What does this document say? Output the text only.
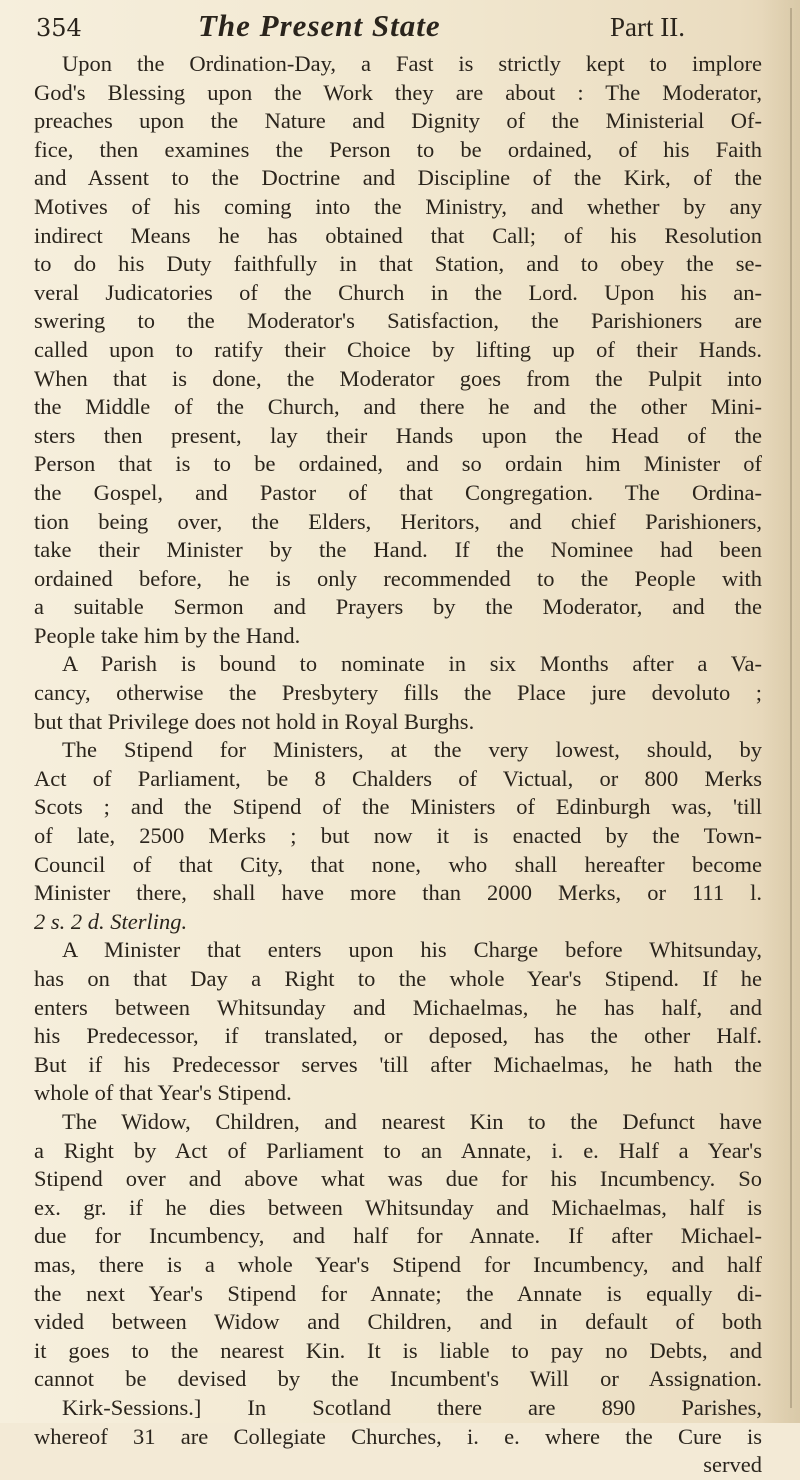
354	The Present State	Part II.
Upon the Ordination-Day, a Fast is strictly kept to implore
God's Blessing upon the Work they are about : The Moderator,
preaches upon the Nature and Dignity of the Ministerial Of-
fice, then examines the Person to be ordained, of his Faith
and Assent to the Doctrine and Discipline of the Kirk, of the
Motives of his coming into the Ministry, and whether by any
indirect Means he has obtained that Call; of his Resolution
to do his Duty faithfully in that Station, and to obey the se-
veral Judicatories of the Church in the Lord. Upon his an-
swering to the Moderator's Satisfaction, the Parishioners are
called upon to ratify their Choice by lifting up of their Hands.
When that is done, the Moderator goes from the Pulpit into
the Middle of the Church, and there he and the other Mini-
sters then present, lay their Hands upon the Head of the
Person that is to be ordained, and so ordain him Minister of
the Gospel, and Pastor of that Congregation. The Ordina-
tion being over, the Elders, Heritors, and chief Parishioners,
take their Minister by the Hand. If the Nominee had been
ordained before, he is only recommended to the People with
a suitable Sermon and Prayers by the Moderator, and the
People take him by the Hand.
A Parish is bound to nominate in six Months after a Va-
cancy, otherwise the Presbytery fills the Place jure devoluto ;
but that Privilege does not hold in Royal Burghs.
The Stipend for Ministers, at the very lowest, should, by
Act of Parliament, be 8 Chalders of Victual, or 800 Merks
Scots ; and the Stipend of the Ministers of Edinburgh was, 'till
of late, 2500 Merks ; but now it is enacted by the Town-
Council of that City, that none, who shall hereafter become
Minister there, shall have more than 2000 Merks, or 111 l.
2 s. 2 d. Sterling.
A Minister that enters upon his Charge before Whitsunday,
has on that Day a Right to the whole Year's Stipend. If he
enters between Whitsunday and Michaelmas, he has half, and
his Predecessor, if translated, or deposed, has the other Half.
But if his Predecessor serves 'till after Michaelmas, he hath the
whole of that Year's Stipend.
The Widow, Children, and nearest Kin to the Defunct have
a Right by Act of Parliament to an Annate, i. e. Half a Year's
Stipend over and above what was due for his Incumbency. So
ex. gr. if he dies between Whitsunday and Michaelmas, half is
due for Incumbency, and half for Annate. If after Michael-
mas, there is a whole Year's Stipend for Incumbency, and half
the next Year's Stipend for Annate; the Annate is equally di-
vided between Widow and Children, and in default of both
it goes to the nearest Kin. It is liable to pay no Debts, and
cannot be devised by the Incumbent's Will or Assignation.
Kirk-Sessions.] In Scotland there are 890 Parishes,
whereof 31 are Collegiate Churches, i. e. where the Cure is
served
